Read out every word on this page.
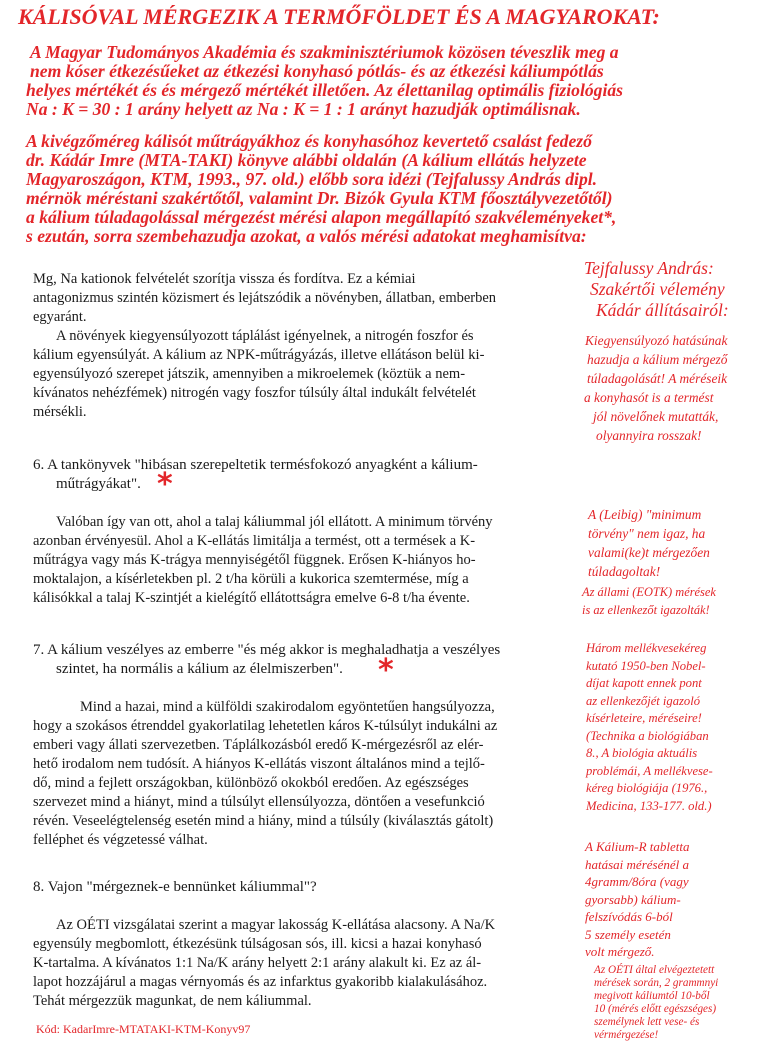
KÁLISÓVAL MÉRGEZIK A TERMŐFÖLDET ÉS A MAGYAROKAT:
A Magyar Tudományos Akadémia és szakminisztériumok közösen téveszlik meg a
nem kóser étkezésűeket az étkezési konyhasó pótlás- és az étkezési káliumpótlás
helyes mértékét és és mérgező mértékét illetően. Az élettanilag optimális fiziológiás
Na : K = 30 : 1 arány helyett az Na : K = 1 : 1 arányt hazudják optimálisnak.
A kivégzőméreg kálisót műtrágyákhoz és konyhasóhoz kevertető csalást fedező
dr. Kádár Imre (MTA-TAKI) könyve alábbi oldalán (A kálium ellátás helyzete
Magyaroszágon, KTM, 1993., 97. old.) előbb sora idézi (Tejfalussy András dipl.
mérnök méréstani szakértőtől, valamint Dr. Bizók Gyula KTM főosztályvezetőtől)
a kálium túladagolással mérgezést mérési alapon megállapító szakvéleményeket*,
s ezután, sorra szembehazudja azokat, a valós mérési adatokat meghamisítva:
Mg, Na kationok felvételét szorítja vissza és fordítva. Ez a kémiai
antagonizmus szintén közismert és lejátszódik a növényben, állatban, emberben
egyaránt.
A növények kiegyensúlyozott táplálást igényelnek, a nitrogén foszfor és
kálium egyensúlyát. A kálium az NPK-műtrágyázás, illetve ellátáson belül ki-
egyensúlyozó szerepet játszik, amennyiben a mikroelemek (köztük a nem-
kívánatos nehézfémek) nitrogén vagy foszfor túlsúly által indukált felvételét
mérsékli.
6. A tankönyvek "hibásan szerepeltetik termésfokozó anyagként a kálium-
műtrágyákat". *
Valóban így van ott, ahol a talaj káliummal jól ellátott. A minimum törvény
azonban érvényesül. Ahol a K-ellátás limitálja a termést, ott a termések a K-
műtrágya vagy más K-trágya mennyiségétől függnek. Erősen K-hiányos ho-
moktalajon, a kísérletekben pl. 2 t/ha körüli a kukorica szemtermése, míg a
kálisókkal a talaj K-szintjét a kielégítő ellátottságra emelve 6-8 t/ha évente.
7. A kálium veszélyes az emberre "és még akkor is meghaladhatja a veszélyes
szintet, ha normális a kálium az élelmiszerben". *
Mind a hazai, mind a külföldi szakirodalom egyöntetűen hangsúlyozza,
hogy a szokásos étrenddel gyakorlatilag lehetetlen káros K-túlsúlyt indukálni az
emberi vagy állati szervezetben. Táplálkozásból eredő K-mérgezésről az elér-
hető irodalom nem tudósít. A hiányos K-ellátás viszont általános mind a tejlő-
dő, mind a fejlett országokban, különböző okokból eredően. Az egészséges
szervezet mind a hiányt, mind a túlsúlyt ellensúlyozza, döntően a vesefunkció
révén. Veseelégtelenség esetén mind a hiány, mind a túlsúly (kiválasztás gátolt)
felléphet és végzetessé válhat.
8. Vajon "mérgeznek-e bennünket káliummal"?
Az OÉTI vizsgálatai szerint a magyar lakosság K-ellátása alacsony. A Na/K
egyensúly megbomlott, étkezésünk túlságosan sós, ill. kicsi a hazai konyhasó
K-tartalma. A kívánatos 1:1 Na/K arány helyett 2:1 arány alakult ki. Ez az ál-
lapot hozzájárul a magas vérnyomás és az infarktus gyakoribb kialakulásához.
Tehát mérgezzük magunkat, de nem káliummal.
Kód: KadarImre-MTATAKI-KTM-Konyv97
Tejfalussy András:
Szakértői vélemény
Kádár állításairól:
Kiegyensúlyozó hatásúnak
hazudja a kálium mérgező
túladagolását! A méréseik
a konyhasót is a termést
jól növelőnek mutatták,
olyannyira rosszak!
A (Leibig) "minimum
törvény" nem igaz, ha
valami(ke)t mérgezően
túladagoltak!
Az állami (EOTK) mérések
is az ellenkezőt igazolták!
Három mellékvesekéreg
kutató 1950-ben Nobel-
díjat kapott ennek pont
az ellenkezőjét igazoló
kísérleteire, méréseire!
(Technika a biológiában
8., A biológia aktuális
problémái, A mellékvese-
kéreg biológiája (1976.,
Medicina, 133-177. old.)
A Kálium-R tabletta
hatásai mérésénél a
4gramm/8óra (vagy
gyorsabb) kálium-
felszívódás 6-ból
5 személy esetén
volt mérgező.
Az OÉTI által elvégeztetett
mérések során, 2 grammnyi
megivott káliumtól 10-ből
10 (mérés előtt egészséges)
személynek lett vese- és
vérmérgezése!
